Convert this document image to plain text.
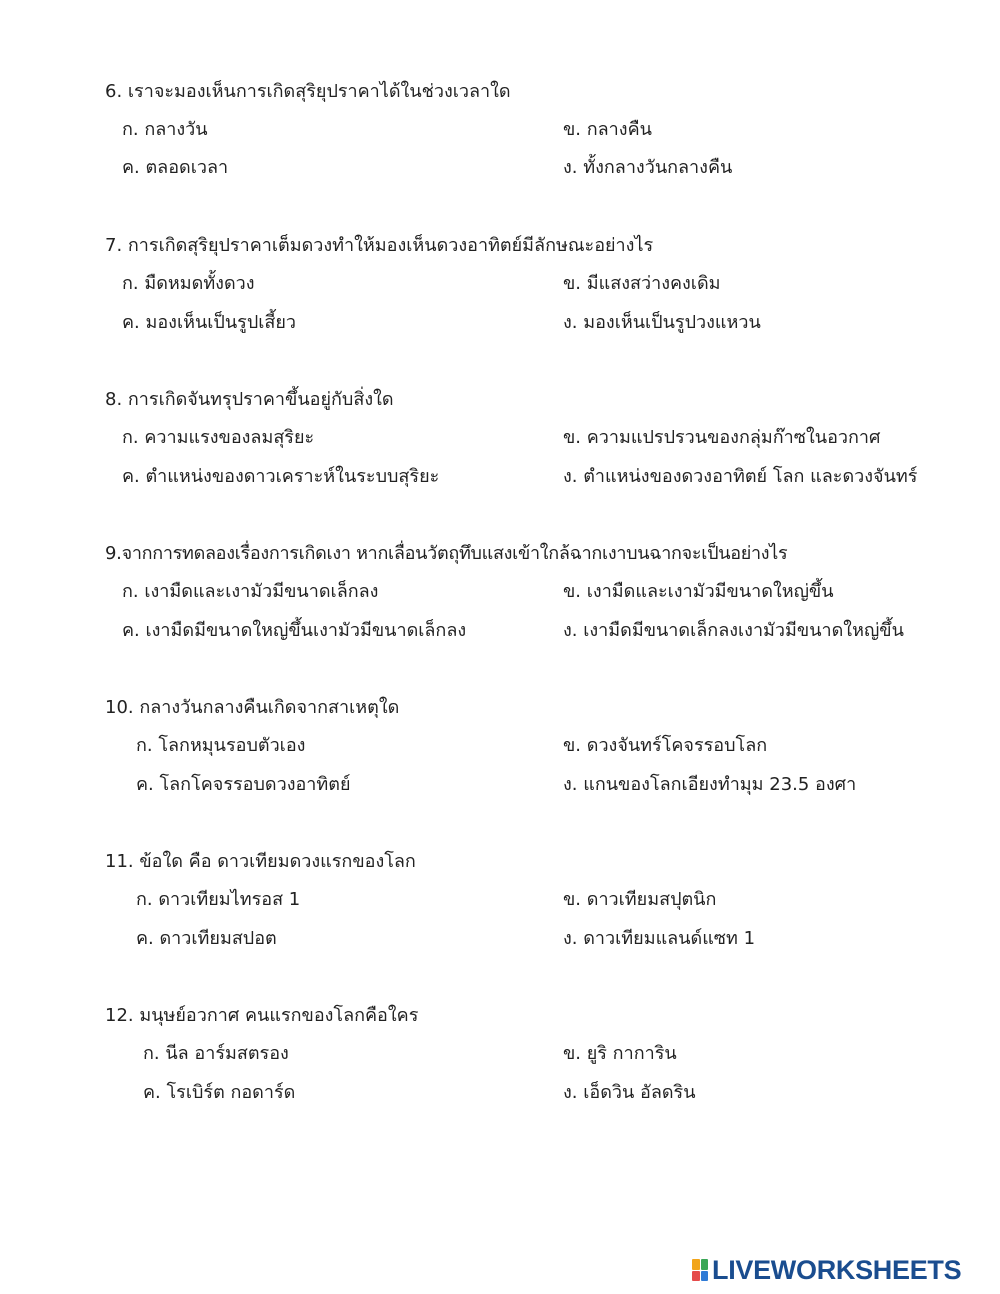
6. เราจะมองเห็นการเกิดสุริยุปราคาได้ในช่วงเวลาใด
ก. กลางวัน	ข. กลางคืน
ค. ตลอดเวลา	ง. ทั้งกลางวันกลางคืน
7. การเกิดสุริยุปราคาเต็มดวงทำให้มองเห็นดวงอาทิตย์มีลักษณะอย่างไร
ก. มืดหมดทั้งดวง	ข. มีแสงสว่างคงเดิม
ค. มองเห็นเป็นรูปเสี้ยว	ง. มองเห็นเป็นรูปวงแหวน
8. การเกิดจันทรุปราคาขึ้นอยู่กับสิ่งใด
ก. ความแรงของลมสุริยะ	ข. ความแปรปรวนของกลุ่มก๊าซในอวกาศ
ค. ตำแหน่งของดาวเคราะห์ในระบบสุริยะ	ง. ตำแหน่งของดวงอาทิตย์ โลก และดวงจันทร์
9.จากการทดลองเรื่องการเกิดเงา หากเลื่อนวัตถุทึบแสงเข้าใกล้ฉากเงาบนฉากจะเป็นอย่างไร
ก. เงามืดและเงามัวมีขนาดเล็กลง	ข. เงามืดและเงามัวมีขนาดใหญ่ขึ้น
ค. เงามืดมีขนาดใหญ่ขึ้นเงามัวมีขนาดเล็กลง	ง. เงามืดมีขนาดเล็กลงเงามัวมีขนาดใหญ่ขึ้น
10. กลางวันกลางคืนเกิดจากสาเหตุใด
ก. โลกหมุนรอบตัวเอง	ข. ดวงจันทร์โคจรรอบโลก
ค. โลกโคจรรอบดวงอาทิตย์	ง. แกนของโลกเอียงทำมุม 23.5 องศา
11. ข้อใด คือ ดาวเทียมดวงแรกของโลก
ก. ดาวเทียมไทรอส 1	ข. ดาวเทียมสปุตนิก
ค. ดาวเทียมสปอต	ง. ดาวเทียมแลนด์แซท 1
12. มนุษย์อวกาศ คนแรกของโลกคือใคร
ก. นีล อาร์มสตรอง	ข. ยูริ กาการิน
ค. โรเบิร์ต กอดาร์ด	ง. เอ็ดวิน อัลดริน
LIVEWORKSHEETS
